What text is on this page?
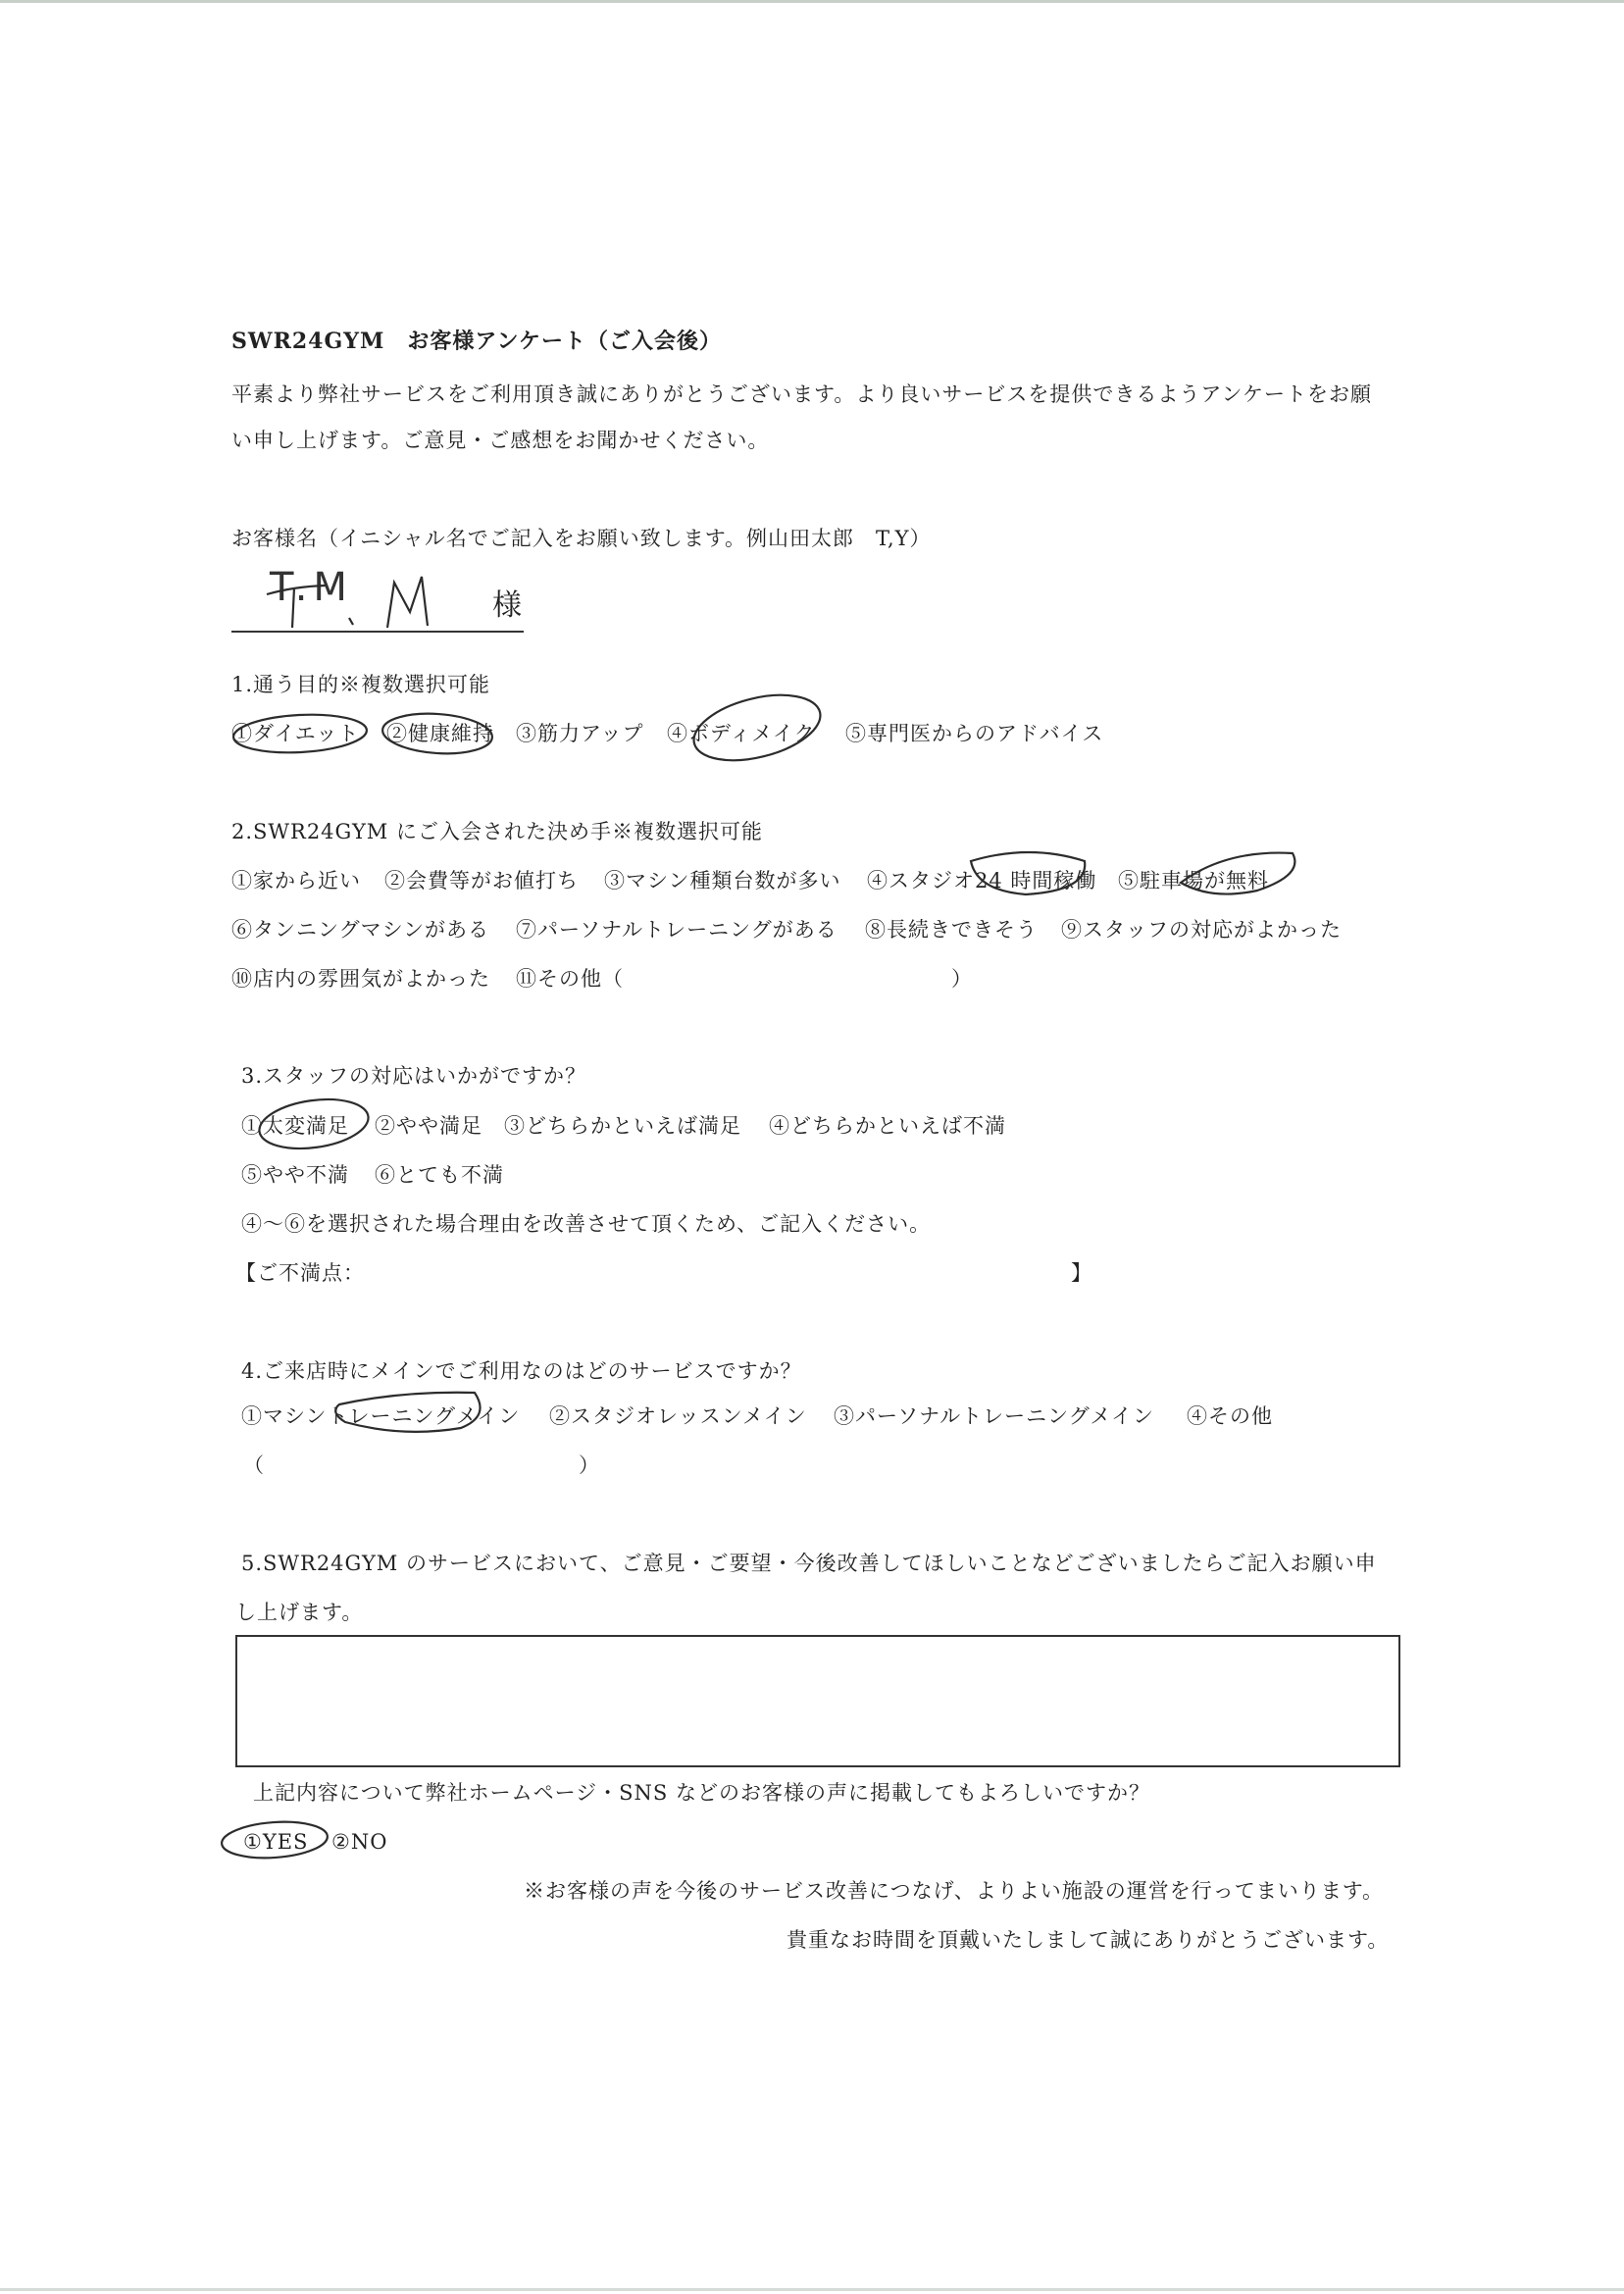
SWR24GYM　お客様アンケート（ご入会後）
平素より弊社サービスをご利用頂き誠にありがとうございます。より良いサービスを提供できるようアンケートをお願
い申し上げます。ご意見・ご感想をお聞かせください。
お客様名（イニシャル名でご記入をお願い致します。例山田太郎　T,Y）
T.M	様
1.通う目的※複数選択可能
①ダイエット ②健康維持 ③筋力アップ ④ボディメイク ⑤専門医からのアドバイス
2.SWR24GYM にご入会された決め手※複数選択可能
①家から近い ②会費等がお値打ち ③マシン種類台数が多い ④スタジオ 24 時間稼働 ⑤駐車場が無料
⑥タンニングマシンがある ⑦パーソナルトレーニングがある ⑧長続きできそう ⑨スタッフの対応がよかった
⑩店内の雰囲気がよかった ⑪その他（	）
3.スタッフの対応はいかがですか？
①太変満足 ②やや満足 ③どちらかといえば満足 ④どちらかといえば不満
⑤やや不満 ⑥とても不満
④～⑥を選択された場合理由を改善させて頂くため、ご記入ください。
【ご不満点：	】
4.ご来店時にメインでご利用なのはどのサービスですか？
①マシントレーニングメイン ②スタジオレッスンメイン ③パーソナルトレーニングメイン ④その他
（	）
5.SWR24GYM のサービスにおいて、ご意見・ご要望・今後改善してほしいことなどございましたらご記入お願い申
し上げます。
上記内容について弊社ホームページ・SNS などのお客様の声に掲載してもよろしいですか？
①YES ②NO
※お客様の声を今後のサービス改善につなげ、よりよい施設の運営を行ってまいります。
貴重なお時間を頂戴いたしまして誠にありがとうございます。
